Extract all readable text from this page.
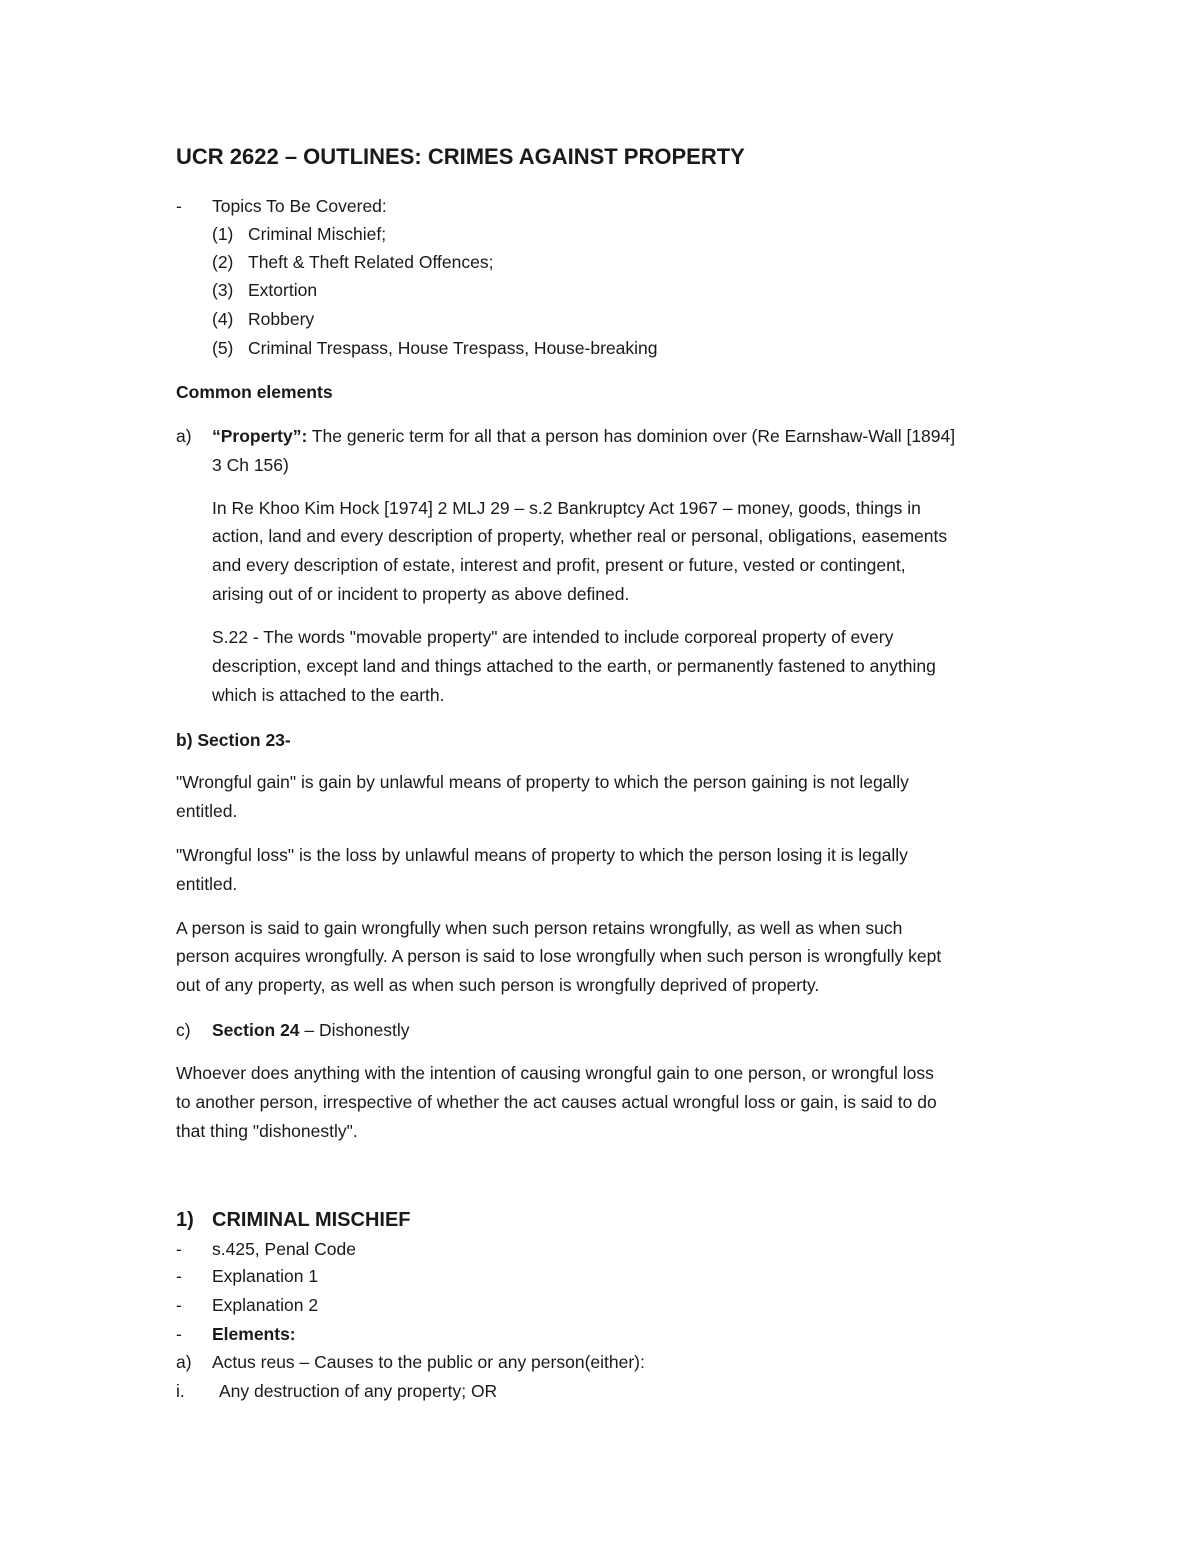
UCR 2622 – OUTLINES: CRIMES AGAINST PROPERTY
- Topics To Be Covered:
(1) Criminal Mischief;
(2) Theft & Theft Related Offences;
(3) Extortion
(4) Robbery
(5) Criminal Trespass, House Trespass, House-breaking
Common elements
a) “Property”: The generic term for all that a person has dominion over (Re Earnshaw-Wall [1894]
3 Ch 156)
In Re Khoo Kim Hock [1974] 2 MLJ 29 – s.2 Bankruptcy Act 1967 – money, goods, things in
action, land and every description of property, whether real or personal, obligations, easements
and every description of estate, interest and profit, present or future, vested or contingent,
arising out of or incident to property as above defined.
S.22 - The words "movable property" are intended to include corporeal property of every
description, except land and things attached to the earth, or permanently fastened to anything
which is attached to the earth.
b) Section 23-
"Wrongful gain" is gain by unlawful means of property to which the person gaining is not legally
entitled.
"Wrongful loss" is the loss by unlawful means of property to which the person losing it is legally
entitled.
A person is said to gain wrongfully when such person retains wrongfully, as well as when such
person acquires wrongfully. A person is said to lose wrongfully when such person is wrongfully kept
out of any property, as well as when such person is wrongfully deprived of property.
c) Section 24 – Dishonestly
Whoever does anything with the intention of causing wrongful gain to one person, or wrongful loss
to another person, irrespective of whether the act causes actual wrongful loss or gain, is said to do
that thing "dishonestly".
1) CRIMINAL MISCHIEF
- s.425, Penal Code
- Explanation 1
- Explanation 2
- Elements:
a) Actus reus – Causes to the public or any person(either):
i. Any destruction of any property; OR
